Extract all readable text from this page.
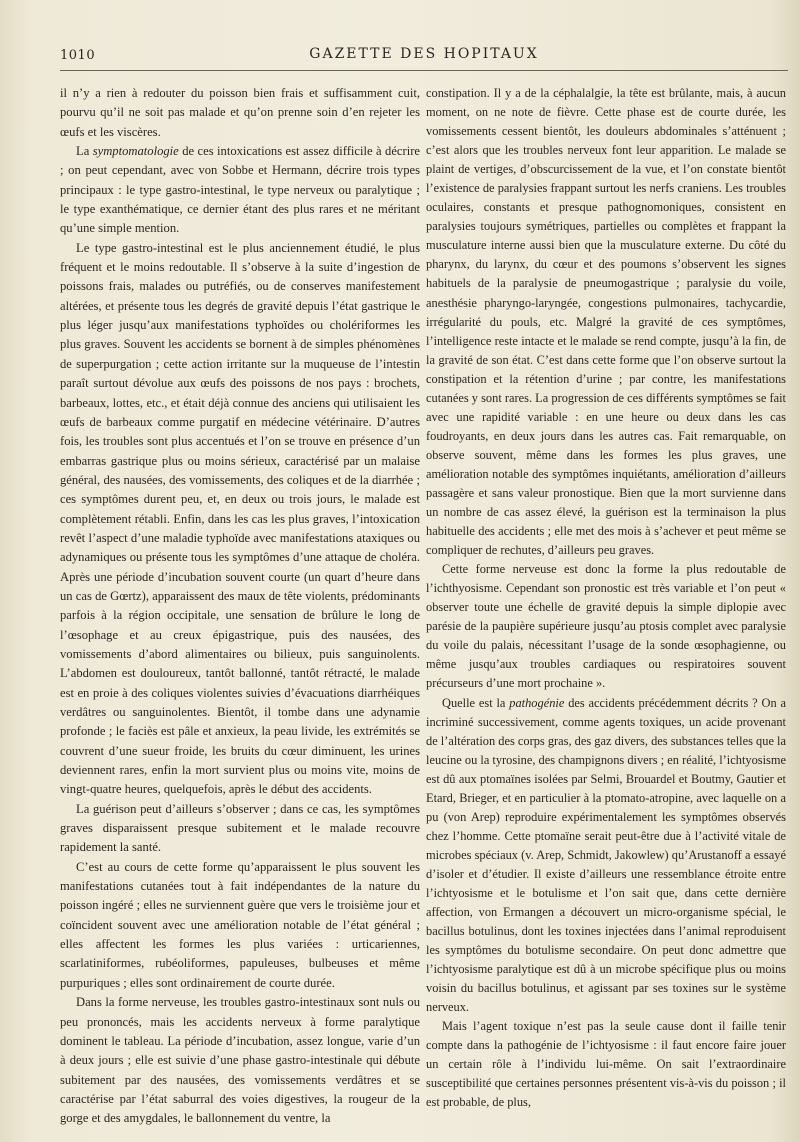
1010	GAZETTE DES HOPITAUX

il n’y a rien à redouter du poisson bien frais et suffisamment cuit, pourvu qu’il ne soit pas malade et qu’on prenne soin d’en rejeter les œufs et les viscères.

La symptomatologie de ces intoxications est assez difficile à décrire ; on peut cependant, avec von Sobbe et Hermann, décrire trois types principaux : le type gastro-intestinal, le type nerveux ou paralytique ; le type exanthématique, ce dernier étant des plus rares et ne méritant qu’une simple mention.

Le type gastro-intestinal est le plus anciennement étudié, le plus fréquent et le moins redoutable. Il s’observe à la suite d’ingestion de poissons frais, malades ou putréfiés, ou de conserves manifestement altérées, et présente tous les degrés de gravité depuis l’état gastrique le plus léger jusqu’aux manifestations typhoïdes ou cholériformes les plus graves. Souvent les accidents se bornent à de simples phénomènes de superpurgation ; cette action irritante sur la muqueuse de l’intestin paraît surtout dévolue aux œufs des poissons de nos pays : brochets, barbeaux, lottes, etc., et était déjà connue des anciens qui utilisaient les œufs de barbeaux comme purgatif en médecine vétérinaire. D’autres fois, les troubles sont plus accentués et l’on se trouve en présence d’un embarras gastrique plus ou moins sérieux, caractérisé par un malaise général, des nausées, des vomissements, des coliques et de la diarrhée ; ces symptômes durent peu, et, en deux ou trois jours, le malade est complètement rétabli. Enfin, dans les cas les plus graves, l’intoxication revêt l’aspect d’une maladie typhoïde avec manifestations ataxiques ou adynamiques ou présente tous les symptômes d’une attaque de choléra. Après une période d’incubation souvent courte (un quart d’heure dans un cas de Gœrtz), apparaissent des maux de tête violents, prédominants parfois à la région occipitale, une sensation de brûlure le long de l’œsophage et au creux épigastrique, puis des nausées, des vomissements d’abord alimentaires ou bilieux, puis sanguinolents. L’abdomen est douloureux, tantôt ballonné, tantôt rétracté, le malade est en proie à des coliques violentes suivies d’évacuations diarrhéiques verdâtres ou sanguinolentes. Bientôt, il tombe dans une adynamie profonde ; le faciès est pâle et anxieux, la peau livide, les extrémités se couvrent d’une sueur froide, les bruits du cœur diminuent, les urines deviennent rares, enfin la mort survient plus ou moins vite, moins de vingt-quatre heures, quelquefois, après le début des accidents.

La guérison peut d’ailleurs s’observer ; dans ce cas, les symptômes graves disparaissent presque subitement et le malade recouvre rapidement la santé.

C’est au cours de cette forme qu’apparaissent le plus souvent les manifestations cutanées tout à fait indépendantes de la nature du poisson ingéré ; elles ne surviennent guère que vers le troisième jour et coïncident souvent avec une amélioration notable de l’état général ; elles affectent les formes les plus variées : urticariennes, scarlatiniformes, rubéoliformes, papuleuses, bulbeuses et même purpuriques ; elles sont ordinairement de courte durée.

Dans la forme nerveuse, les troubles gastro-intestinaux sont nuls ou peu prononcés, mais les accidents nerveux à forme paralytique dominent le tableau. La période d’incubation, assez longue, varie d’un à deux jours ; elle est suivie d’une phase gastro-intestinale qui débute subitement par des nausées, des vomissements verdâtres et se caractérise par l’état saburral des voies digestives, la rougeur de la gorge et des amygdales, le ballonnement du ventre, la

constipation. Il y a de la céphalalgie, la tête est brûlante, mais, à aucun moment, on ne note de fièvre. Cette phase est de courte durée, les vomissements cessent bientôt, les douleurs abdominales s’atténuent ; c’est alors que les troubles nerveux font leur apparition. Le malade se plaint de vertiges, d’obscurcissement de la vue, et l’on constate bientôt l’existence de paralysies frappant surtout les nerfs craniens. Les troubles oculaires, constants et presque pathognomoniques, consistent en paralysies toujours symétriques, partielles ou complètes et frappant la musculature interne aussi bien que la musculature externe. Du côté du pharynx, du larynx, du cœur et des poumons s’observent les signes habituels de la paralysie de pneumogastrique ; paralysie du voile, anesthésie pharyngo-laryngée, congestions pulmonaires, tachycardie, irrégularité du pouls, etc. Malgré la gravité de ces symptômes, l’intelligence reste intacte et le malade se rend compte, jusqu’à la fin, de la gravité de son état. C’est dans cette forme que l’on observe surtout la constipation et la rétention d’urine ; par contre, les manifestations cutanées y sont rares. La progression de ces différents symptômes se fait avec une rapidité variable : en une heure ou deux dans les cas foudroyants, en deux jours dans les autres cas. Fait remarquable, on observe souvent, même dans les formes les plus graves, une amélioration notable des symptômes inquiétants, amélioration d’ailleurs passagère et sans valeur pronostique. Bien que la mort survienne dans un nombre de cas assez élevé, la guérison est la terminaison la plus habituelle des accidents ; elle met des mois à s’achever et peut même se compliquer de rechutes, d’ailleurs peu graves.

Cette forme nerveuse est donc la forme la plus redoutable de l’ichthyosisme. Cependant son pronostic est très variable et l’on peut « observer toute une échelle de gravité depuis la simple diplopie avec parésie de la paupière supérieure jusqu’au ptosis complet avec paralysie du voile du palais, nécessitant l’usage de la sonde œsophagienne, ou même jusqu’aux troubles cardiaques ou respiratoires souvent précurseurs d’une mort prochaine ».

Quelle est la pathogénie des accidents précédemment décrits ? On a incriminé successivement, comme agents toxiques, un acide provenant de l’altération des corps gras, des gaz divers, des substances telles que la leucine ou la tyrosine, des champignons divers ; en réalité, l’ichtyosisme est dû aux ptomaïnes isolées par Selmi, Brouardel et Boutmy, Gautier et Etard, Brieger, et en particulier à la ptomato-atropine, avec laquelle on a pu (von Arep) reproduire expérimentalement les symptômes observés chez l’homme. Cette ptomaïne serait peut-être due à l’activité vitale de microbes spéciaux (v. Arep, Schmidt, Jakowlew) qu’Arustanoff a essayé d’isoler et d’étudier. Il existe d’ailleurs une ressemblance étroite entre l’ichtyosisme et le botulisme et l’on sait que, dans cette dernière affection, von Ermangen a découvert un micro-organisme spécial, le bacillus botulinus, dont les toxines injectées dans l’animal reproduisent les symptômes du botulisme secondaire. On peut donc admettre que l’ichtyosisme paralytique est dû à un microbe spécifique plus ou moins voisin du bacillus botulinus, et agissant par ses toxines sur le système nerveux.

Mais l’agent toxique n’est pas la seule cause dont il faille tenir compte dans la pathogénie de l’ichtyosisme : il faut encore faire jouer un certain rôle à l’individu lui-même. On sait l’extraordinaire susceptibilité que certaines personnes présentent vis-à-vis du poisson ; il est probable, de plus,
